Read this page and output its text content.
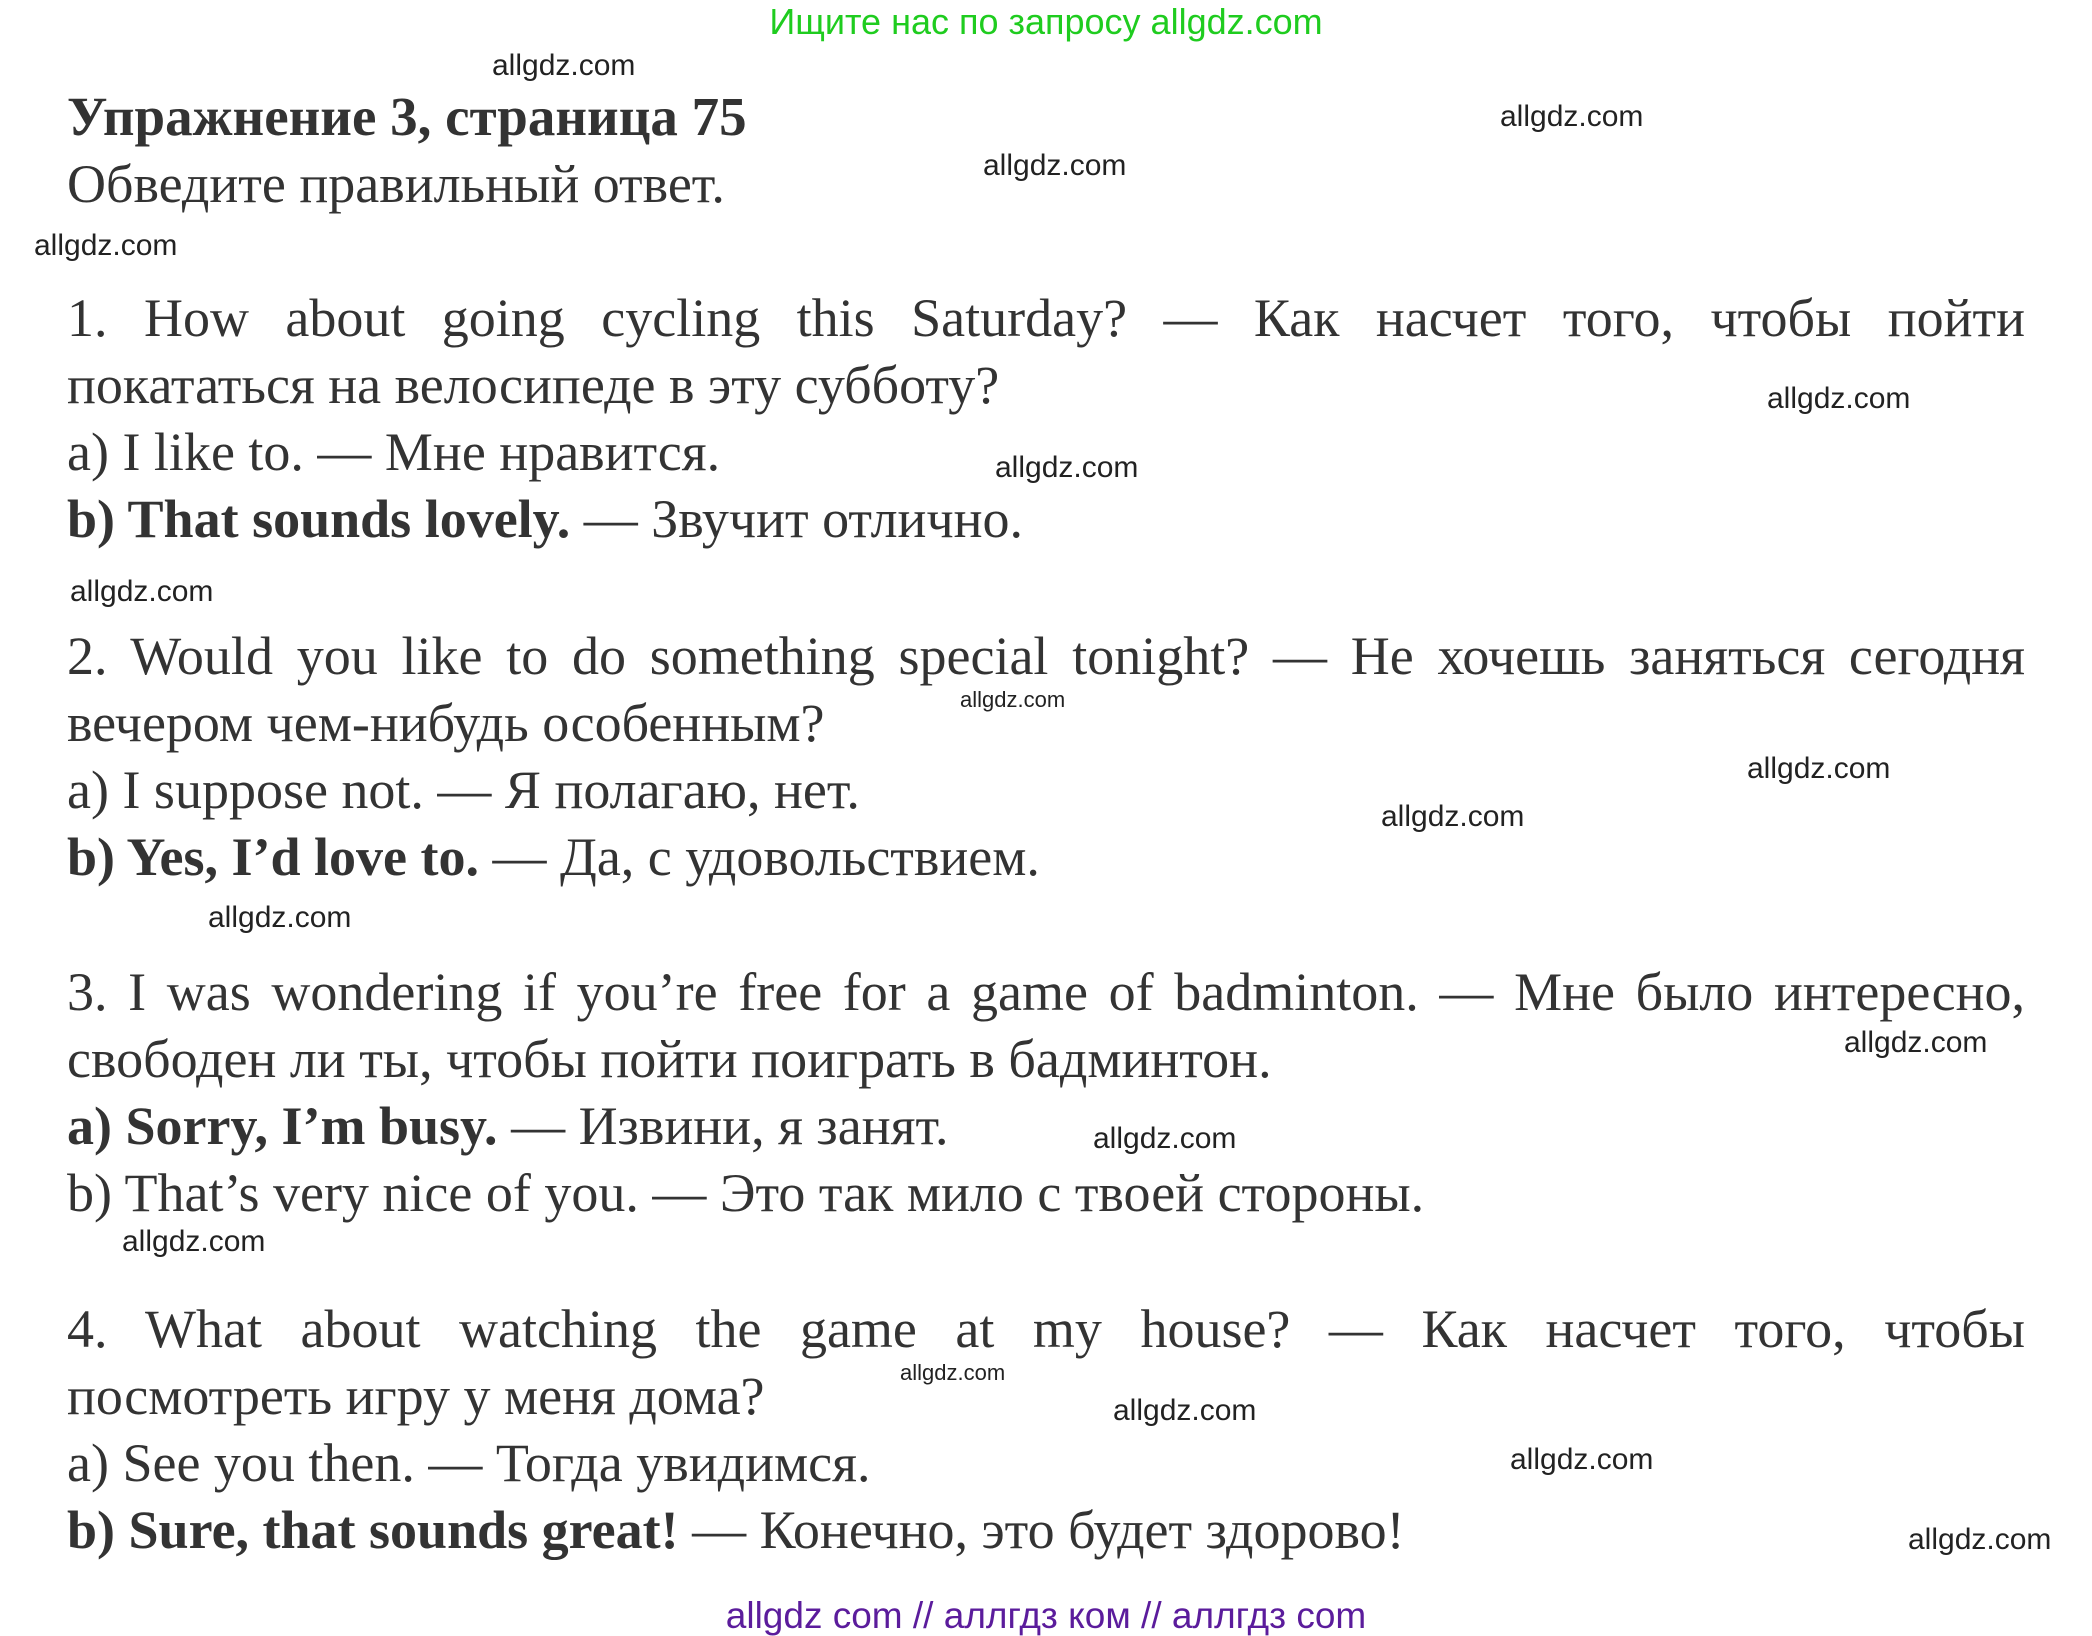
Ищите нас по запросу allgdz.com
Упражнение 3, страница 75
Обведите правильный ответ.
1. How about going cycling this Saturday? — Как насчет того, чтобы пойти
покататься на велосипеде в эту субботу?
a) I like to. — Мне нравится.
b) That sounds lovely. — Звучит отлично.
2. Would you like to do something special tonight? — Не хочешь заняться сегодня
вечером чем-нибудь особенным?
a) I suppose not. — Я полагаю, нет.
b) Yes, I’d love to. — Да, с удовольствием.
3. I was wondering if you’re free for a game of badminton. — Мне было интересно,
свободен ли ты, чтобы пойти поиграть в бадминтон.
a) Sorry, I’m busy. — Извини, я занят.
b) That’s very nice of you. — Это так мило с твоей стороны.
4. What about watching the game at my house? — Как насчет того, чтобы
посмотреть игру у меня дома?
a) See you then. — Тогда увидимся.
b) Sure, that sounds great! — Конечно, это будет здорово!
allgdz.com
allgdz.com
allgdz.com
allgdz.com
allgdz.com
allgdz.com
allgdz.com
allgdz.com
allgdz.com
allgdz.com
allgdz.com
allgdz.com
allgdz.com
allgdz.com
allgdz.com
allgdz.com
allgdz.com
allgdz.com
allgdz com // аллгдз ком // аллгдз com
